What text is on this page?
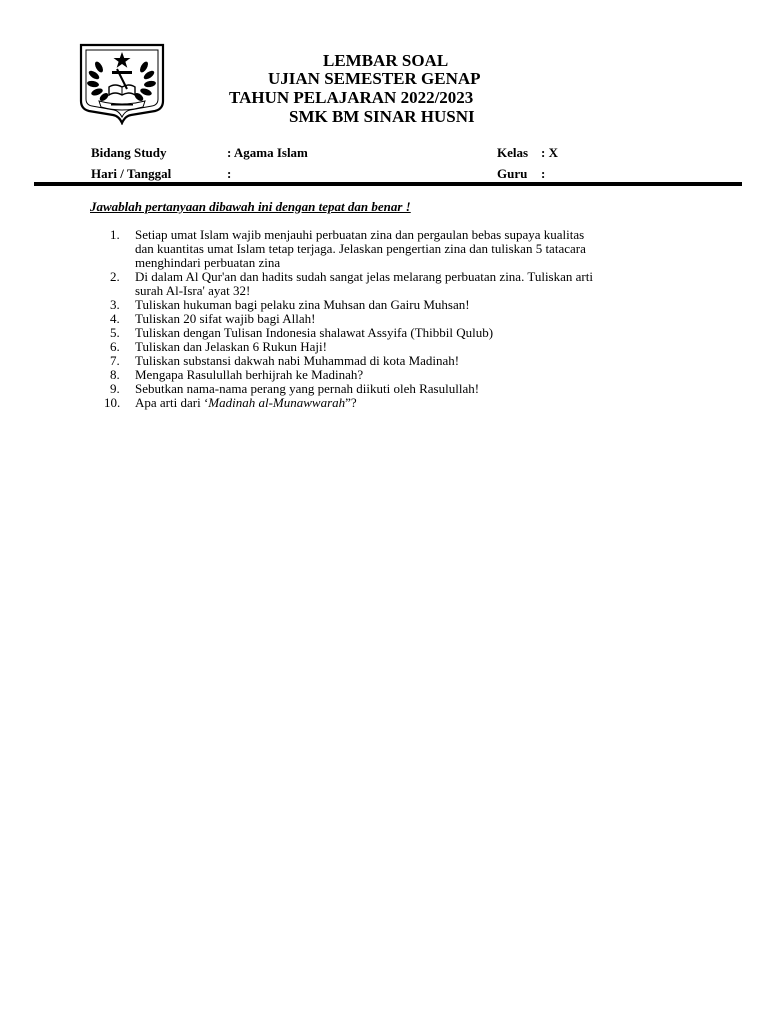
LEMBAR SOAL
UJIAN SEMESTER GENAP
TAHUN PELAJARAN 2022/2023
SMK BM SINAR HUSNI
Bidang Study	: Agama Islam	Kelas : X
Hari / Tanggal	:	Guru :
Jawablah pertanyaan dibawah ini dengan tepat dan benar !
1. Setiap umat Islam wajib menjauhi perbuatan zina dan pergaulan bebas supaya kualitas
dan kuantitas umat Islam tetap terjaga. Jelaskan pengertian zina dan tuliskan 5 tatacara
menghindari perbuatan zina
2. Di dalam Al Qur'an dan hadits sudah sangat jelas melarang perbuatan zina. Tuliskan arti
surah Al-Isra' ayat 32!
3. Tuliskan hukuman bagi pelaku zina Muhsan dan Gairu Muhsan!
4. Tuliskan 20 sifat wajib bagi Allah!
5. Tuliskan dengan Tulisan Indonesia shalawat Assyifa (Thibbil Qulub)
6. Tuliskan dan Jelaskan 6 Rukun Haji!
7. Tuliskan substansi dakwah nabi Muhammad di kota Madinah!
8. Mengapa Rasulullah berhijrah ke Madinah?
9. Sebutkan nama-nama perang yang pernah diikuti oleh Rasulullah!
10. Apa arti dari ‘Madinah al-Munawwarah”?
